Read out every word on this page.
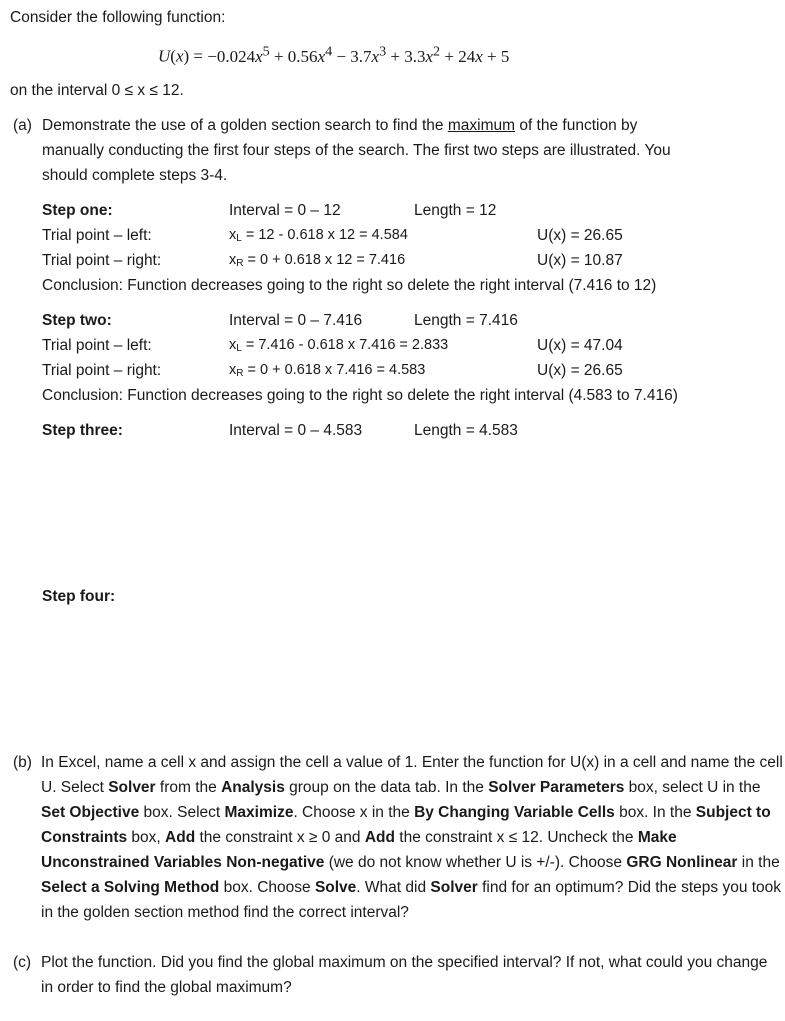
Consider the following function:
$U(x) = -0.024x^5 + 0.56x^4 - 3.7x^3 + 3.3x^2 + 24x + 5$
on the interval 0 ≤ x ≤ 12.
(a) Demonstrate the use of a golden section search to find the maximum of the function by
manually conducting the first four steps of the search. The first two steps are illustrated. You
should complete steps 3-4.
Step one:	Interval = 0 – 12	Length = 12
Trial point – left:	$x_L = 12 - 0.618$ x 12 = 4.584	U(x) = 26.65
Trial point – right:	$x_R = 0 + 0.618$ x 12 = 7.416	U(x) = 10.87
Conclusion: Function decreases going to the right so delete the right interval (7.416 to 12)
Step two:	Interval = 0 – 7.416	Length = 7.416
Trial point – left:	$x_L = 7.416 - 0.618$ x 7.416 = 2.833	U(x) = 47.04
Trial point – right:	$x_R = 0 + 0.618$ x 7.416 = 4.583	U(x) = 26.65
Conclusion: Function decreases going to the right so delete the right interval (4.583 to 7.416)
Step three:	Interval = 0 – 4.583	Length = 4.583
Step four:
(b) In Excel, name a cell x and assign the cell a value of 1. Enter the function for U(x) in a cell and name the cell U. Select Solver from the Analysis group on the data tab. In the Solver Parameters box, select U in the Set Objective box. Select Maximize. Choose x in the By Changing Variable Cells box. In the Subject to Constraints box, Add the constraint x ≥ 0 and Add the constraint x ≤ 12. Uncheck the Make Unconstrained Variables Non-negative (we do not know whether U is +/-). Choose GRG Nonlinear in the Select a Solving Method box. Choose Solve. What did Solver find for an optimum? Did the steps you took in the golden section method find the correct interval?
(c) Plot the function. Did you find the global maximum on the specified interval? If not, what could you change in order to find the global maximum?
